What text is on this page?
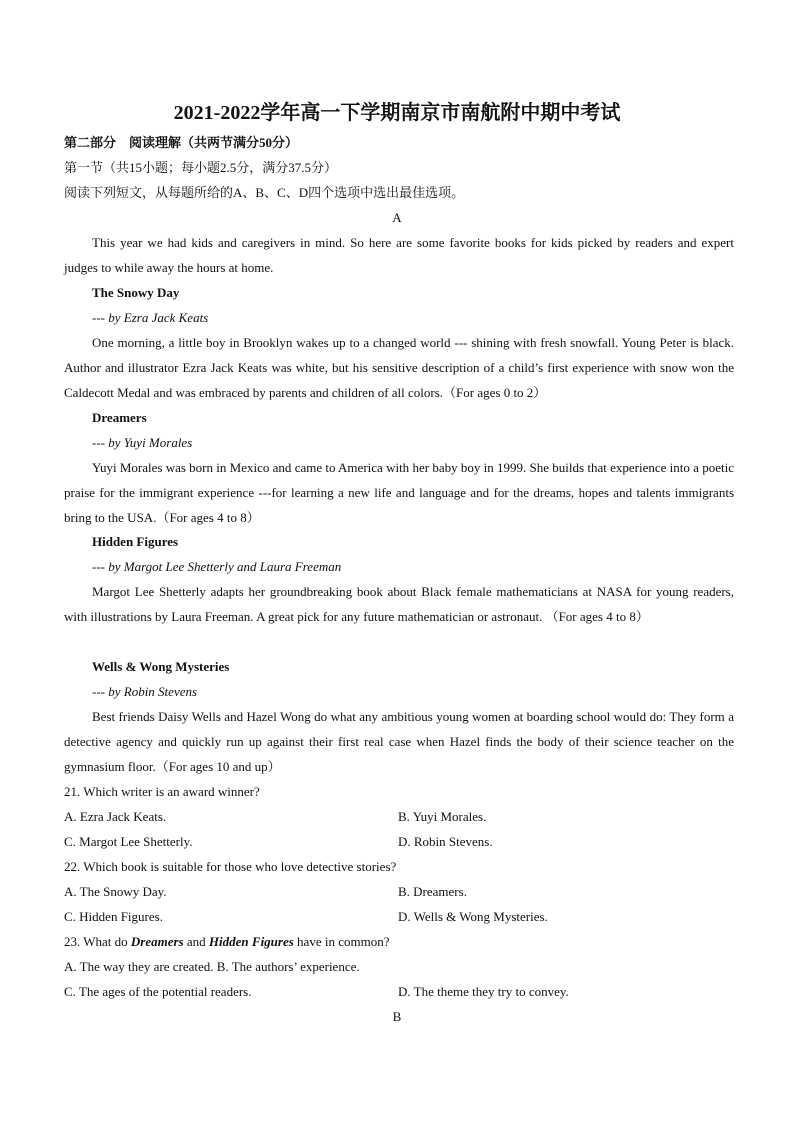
2021-2022学年高一下学期南京市南航附中期中考试
第二部分　阅读理解（共两节满分50分）
第一节（共15小题；每小题2.5分，满分37.5分）
阅读下列短文，从每题所给的A、B、C、D四个选项中选出最佳选项。
A
This year we had kids and caregivers in mind. So here are some favorite books for kids picked by readers and expert judges to while away the hours at home.
The Snowy Day
--- by Ezra Jack Keats
One morning, a little boy in Brooklyn wakes up to a changed world --- shining with fresh snowfall. Young Peter is black. Author and illustrator Ezra Jack Keats was white, but his sensitive description of a child’s first experience with snow won the Caldecott Medal and was embraced by parents and children of all colors.（For ages 0 to 2）
Dreamers
--- by Yuyi Morales
Yuyi Morales was born in Mexico and came to America with her baby boy in 1999. She builds that experience into a poetic praise for the immigrant experience ---for learning a new life and language and for the dreams, hopes and talents immigrants bring to the USA.（For ages 4 to 8）
Hidden Figures
--- by Margot Lee Shetterly and Laura Freeman
Margot Lee Shetterly adapts her groundbreaking book about Black female mathematicians at NASA for young readers, with illustrations by Laura Freeman. A great pick for any future mathematician or astronaut. （For ages 4 to 8）
Wells & Wong Mysteries
--- by Robin Stevens
Best friends Daisy Wells and Hazel Wong do what any ambitious young women at boarding school would do: They form a detective agency and quickly run up against their first real case when Hazel finds the body of their science teacher on the gymnasium floor.（For ages 10 and up）
21. Which writer is an award winner?
A. Ezra Jack Keats.	B. Yuyi Morales.
C. Margot Lee Shetterly.	D. Robin Stevens.
22. Which book is suitable for those who love detective stories?
A. The Snowy Day.	B. Dreamers.
C. Hidden Figures.	D. Wells & Wong Mysteries.
23. What do Dreamers and Hidden Figures have in common?
A. The way they are created. B. The authors’ experience.
C. The ages of the potential readers.	D. The theme they try to convey.
B
